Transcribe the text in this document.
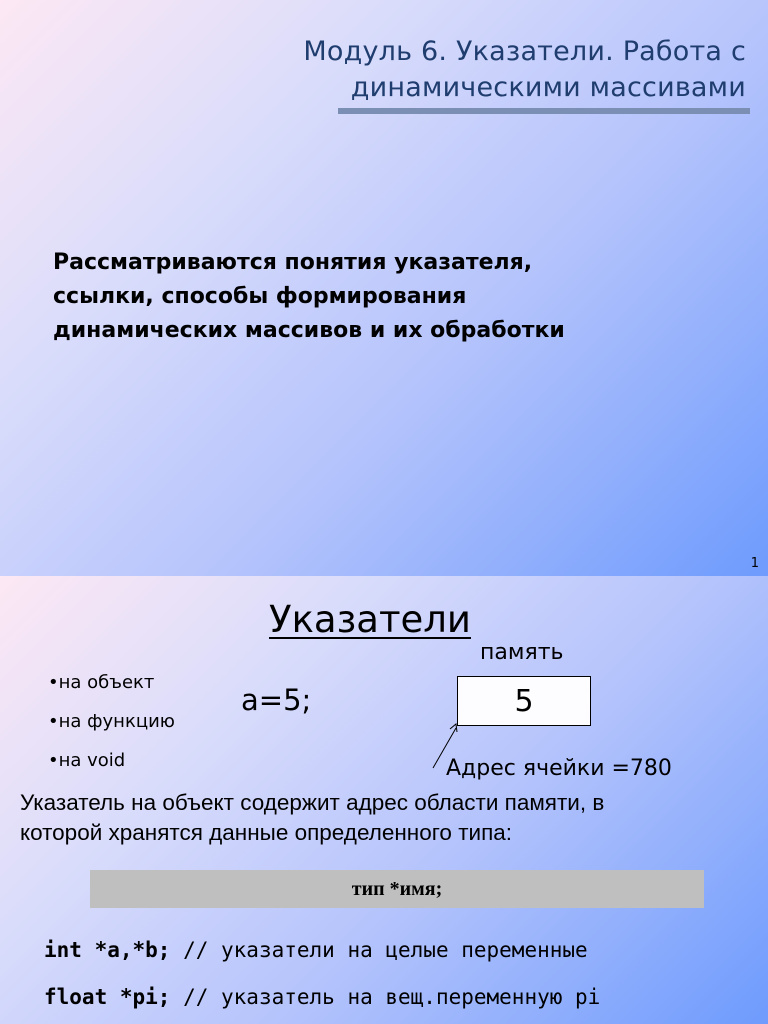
Модуль 6. Указатели. Работа с
динамическими массивами
Рассматриваются понятия указателя,
ссылки, способы формирования
динамических массивов и их обработки
1
Указатели
память
•на объект
•на функцию
•на void
a=5;	5
Адрес ячейки =780
Указатель на объект содержит адрес области памяти, в
которой хранятся данные определенного типа:
тип *имя;
int *a,*b; // указатели на целые переменные
float *pi; // указатель на вещ.переменную pi
